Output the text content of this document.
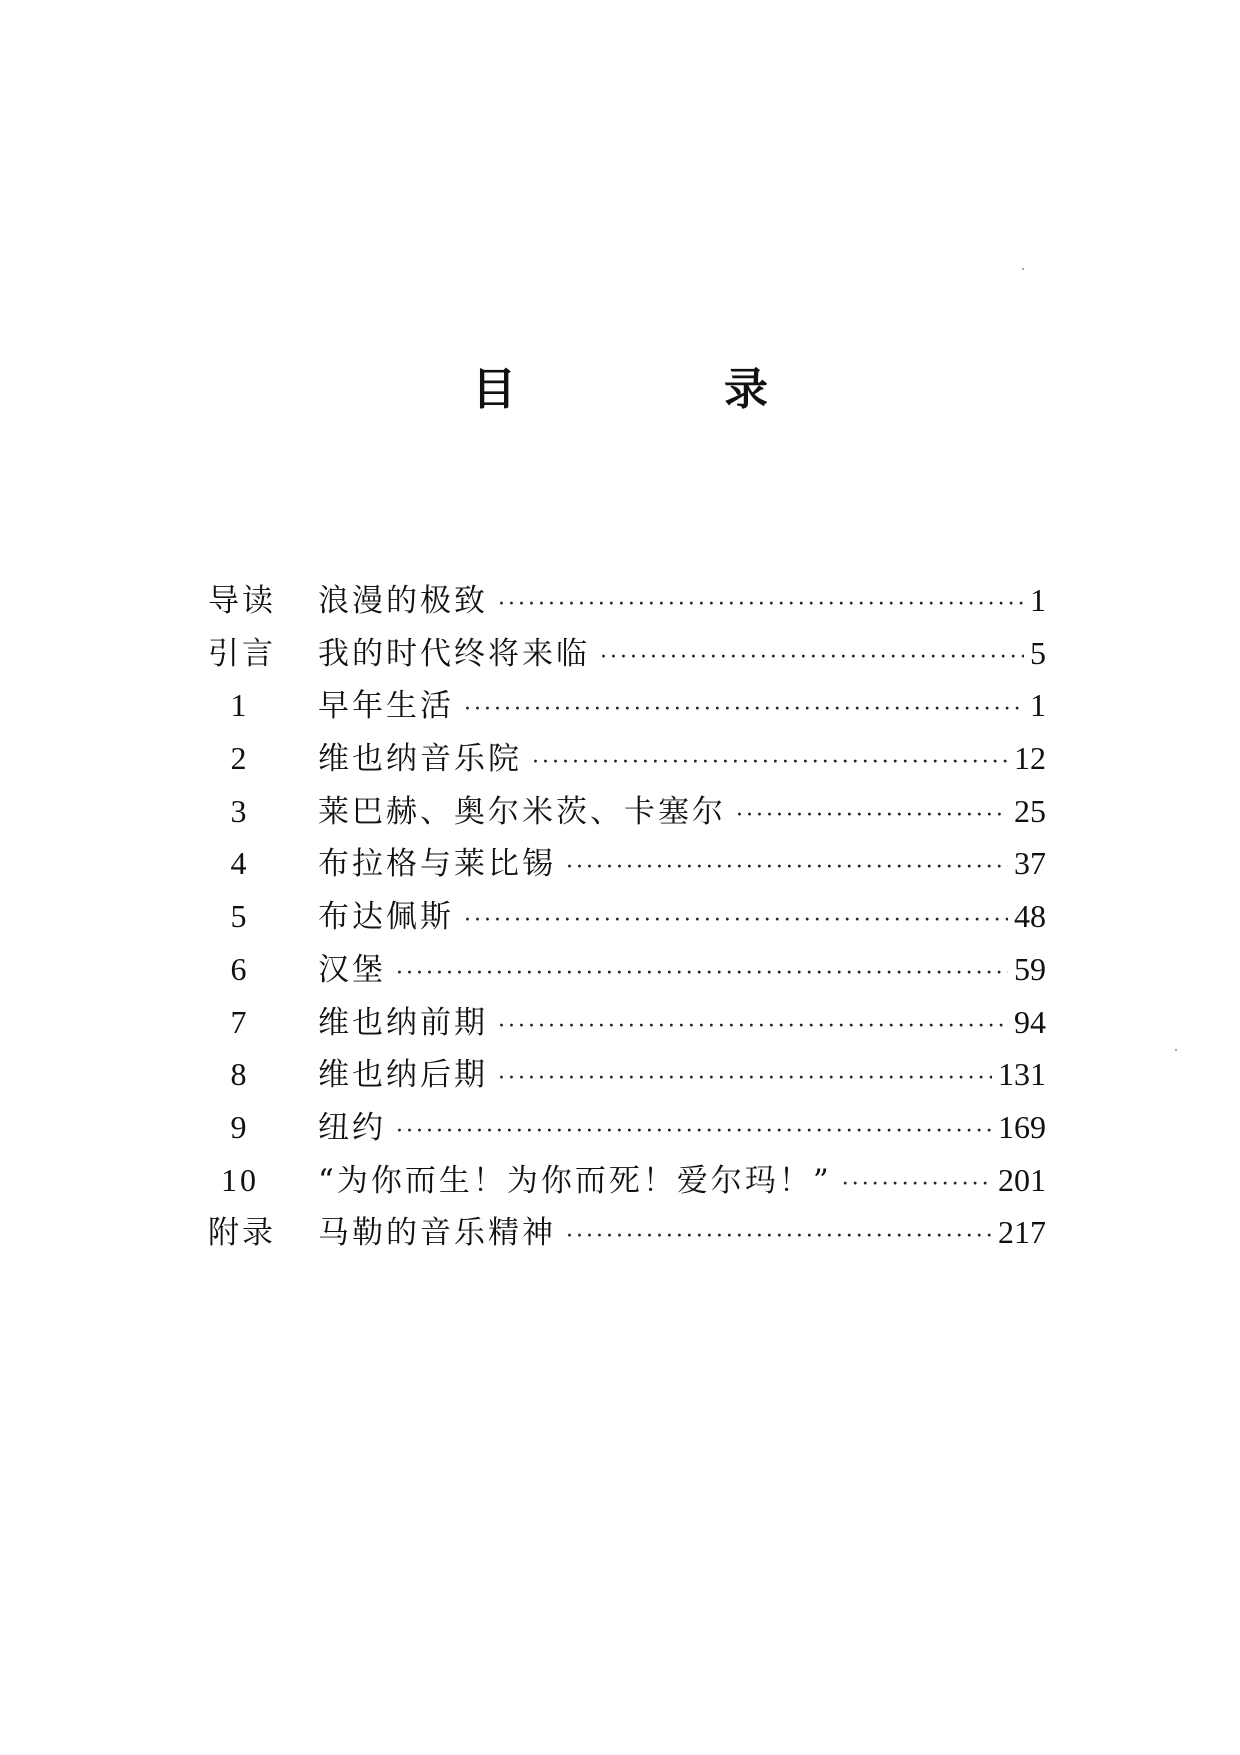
目　录
导读	浪漫的极致 ·····	1
引言	我的时代终将来临 ·····	5
1	早年生活 ·····	1
2	维也纳音乐院 ·····	12
3	莱巴赫、奥尔米茨、卡塞尔 ·····	25
4	布拉格与莱比锡 ·····	37
5	布达佩斯 ·····	48
6	汉堡 ·····	59
7	维也纳前期 ·····	94
8	维也纳后期 ·····	131
9	纽约 ·····	169
10	“为你而生！为你而死！爱尔玛！” ·····	201
附录	马勒的音乐精神 ·····	217
